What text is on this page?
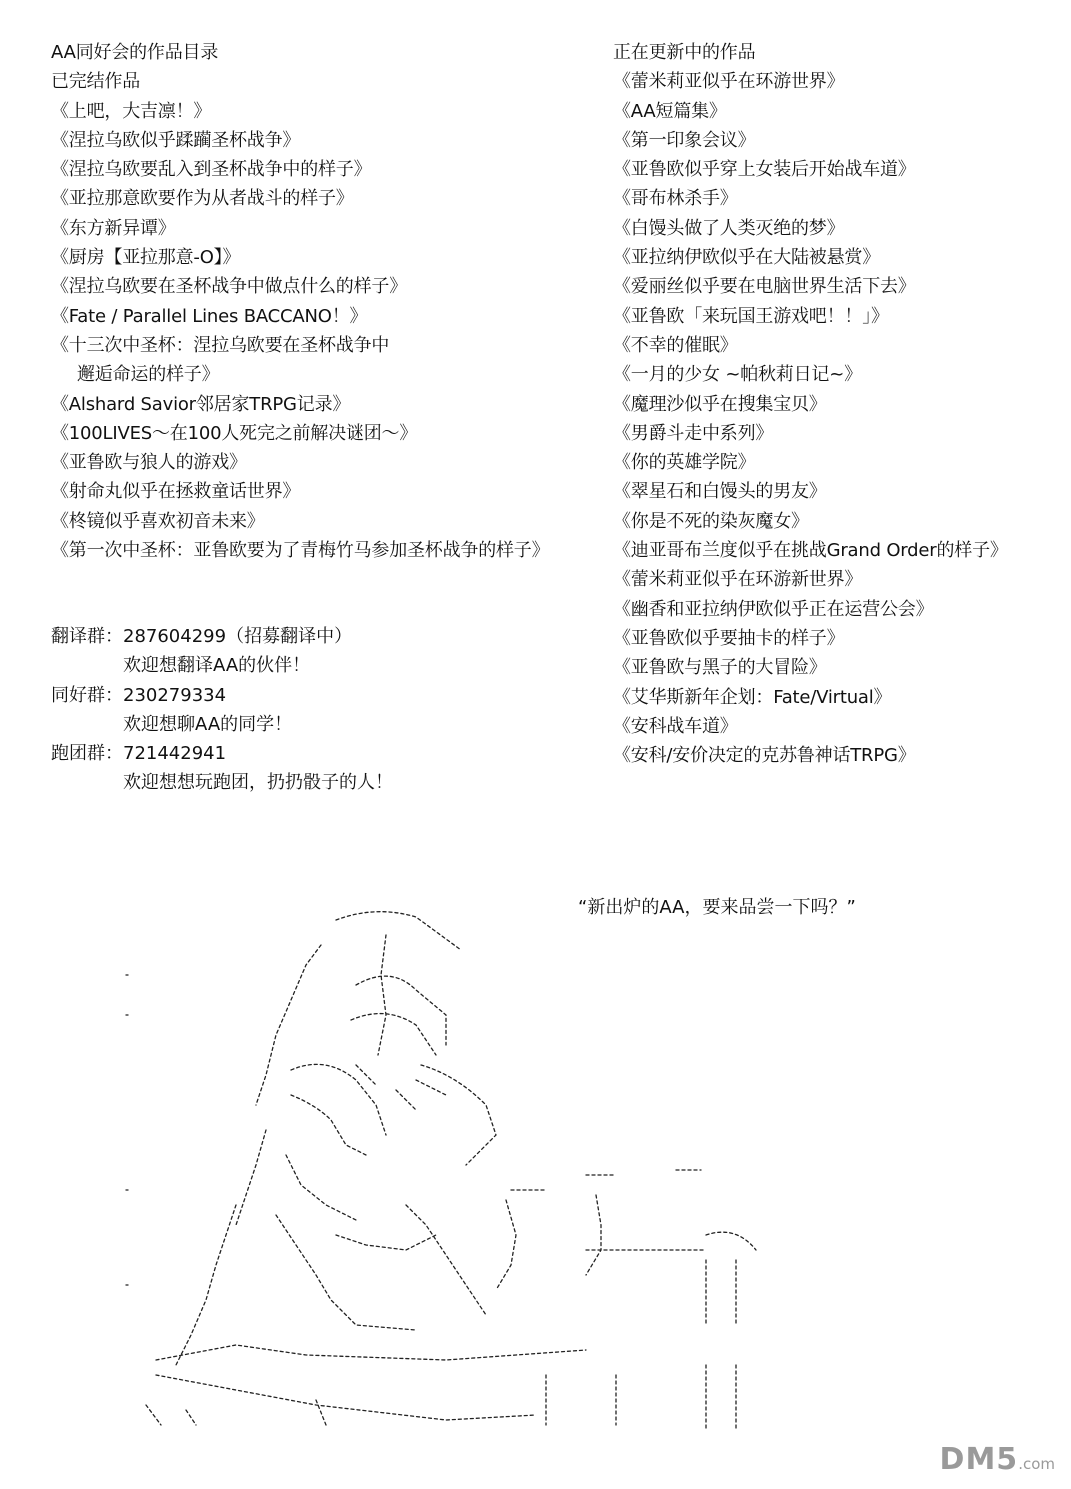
AA同好会的作品目录
已完结作品
《上吧，大吉凛！》
《涅拉乌欧似乎蹂躏圣杯战争》
《涅拉乌欧要乱入到圣杯战争中的样子》
《亚拉那意欧要作为从者战斗的样子》
《东方新异谭》
《厨房【亚拉那意-O】》
《涅拉乌欧要在圣杯战争中做点什么的样子》
《Fate / Parallel Lines BACCANO！》
《十三次中圣杯：涅拉乌欧要在圣杯战争中
邂逅命运的样子》
《Alshard Savior邻居家TRPG记录》
《100LIVES～在100人死完之前解决谜团～》
《亚鲁欧与狼人的游戏》
《射命丸似乎在拯救童话世界》
《柊镜似乎喜欢初音未来》
《第一次中圣杯：亚鲁欧要为了青梅竹马参加圣杯战争的样子》
正在更新中的作品
《蕾米莉亚似乎在环游世界》
《AA短篇集》
《第一印象会议》
《亚鲁欧似乎穿上女装后开始战车道》
《哥布林杀手》
《白馒头做了人类灭绝的梦》
《亚拉纳伊欧似乎在大陆被悬赏》
《爱丽丝似乎要在电脑世界生活下去》
《亚鲁欧「来玩国王游戏吧！！」》
《不幸的催眠》
《一月的少女 ~帕秋莉日记~》
《魔理沙似乎在搜集宝贝》
《男爵斗走中系列》
《你的英雄学院》
《翠星石和白馒头的男友》
《你是不死的染灰魔女》
《迪亚哥布兰度似乎在挑战Grand Order的样子》
《蕾米莉亚似乎在环游新世界》
《幽香和亚拉纳伊欧似乎正在运营公会》
《亚鲁欧似乎要抽卡的样子》
《亚鲁欧与黑子的大冒险》
《艾华斯新年企划：Fate/Virtual》
《安科战车道》
《安科/安价决定的克苏鲁神话TRPG》
翻译群：287604299（招募翻译中）
欢迎想翻译AA的伙伴！
同好群：230279334
欢迎想聊AA的同学！
跑团群：721442941
欢迎想想玩跑团，扔扔骰子的人！
“新出炉的AA，要来品尝一下吗？”
DM5.com
